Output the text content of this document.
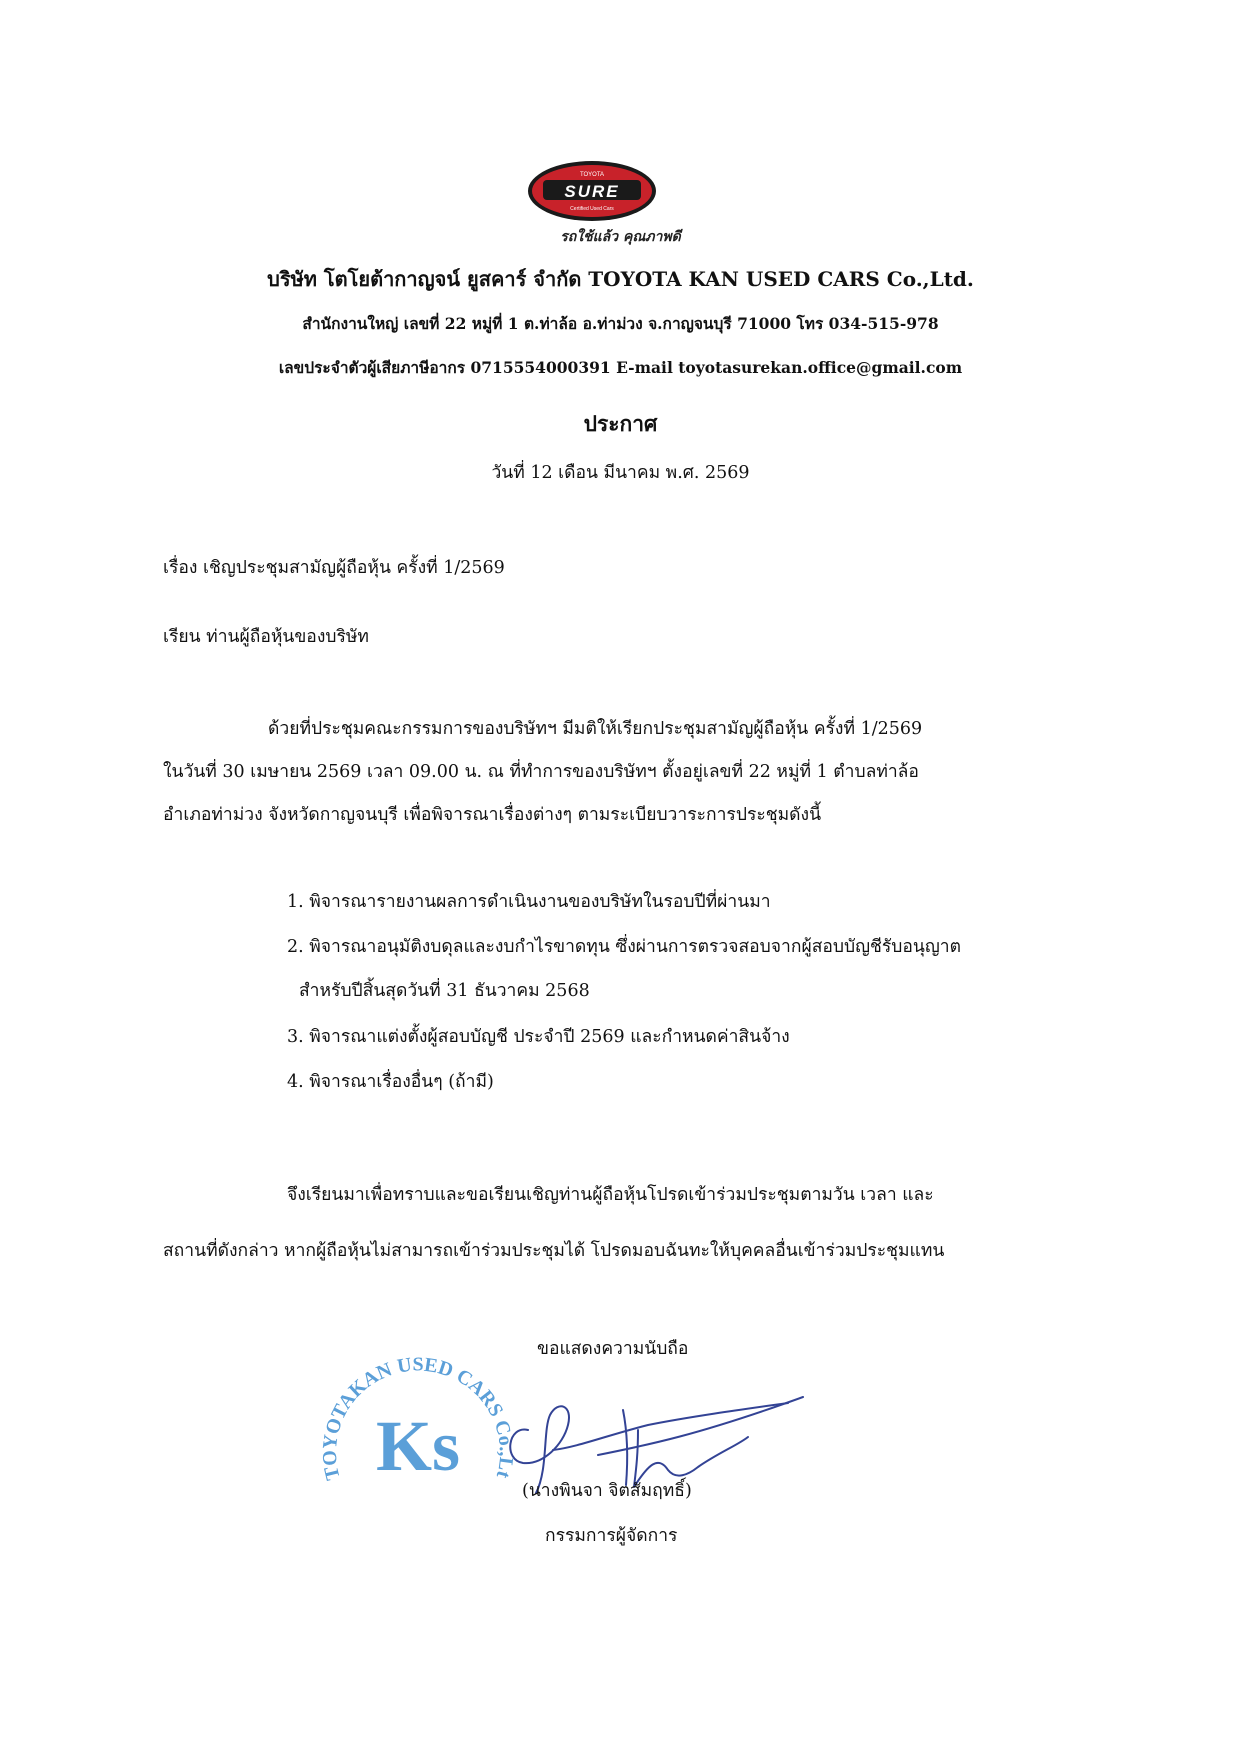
TOYOTA
SURE
Certified Used Cars
รถใช้แล้ว คุณภาพดี
บริษัท โตโยต้ากาญจน์ ยูสคาร์ จำกัด TOYOTA KAN USED CARS Co.,Ltd.
สำนักงานใหญ่ เลขที่ 22 หมู่ที่ 1 ต.ท่าล้อ อ.ท่าม่วง จ.กาญจนบุรี 71000 โทร 034-515-978
เลขประจำตัวผู้เสียภาษีอากร 0715554000391 E-mail toyotasurekan.office@gmail.com
ประกาศ
วันที่ 12 เดือน มีนาคม พ.ศ. 2569
เรื่อง เชิญประชุมสามัญผู้ถือหุ้น ครั้งที่ 1/2569
เรียน ท่านผู้ถือหุ้นของบริษัท
ด้วยที่ประชุมคณะกรรมการของบริษัทฯ มีมติให้เรียกประชุมสามัญผู้ถือหุ้น ครั้งที่ 1/2569
ในวันที่ 30 เมษายน 2569 เวลา 09.00 น. ณ ที่ทำการของบริษัทฯ ตั้งอยู่เลขที่ 22 หมู่ที่ 1 ตำบลท่าล้อ
อำเภอท่าม่วง จังหวัดกาญจนบุรี เพื่อพิจารณาเรื่องต่างๆ ตามระเบียบวาระการประชุมดังนี้
1. พิจารณารายงานผลการดำเนินงานของบริษัทในรอบปีที่ผ่านมา
2. พิจารณาอนุมัติงบดุลและงบกำไรขาดทุน ซึ่งผ่านการตรวจสอบจากผู้สอบบัญชีรับอนุญาต
สำหรับปีสิ้นสุดวันที่ 31 ธันวาคม 2568
3. พิจารณาแต่งตั้งผู้สอบบัญชี ประจำปี 2569 และกำหนดค่าสินจ้าง
4. พิจารณาเรื่องอื่นๆ (ถ้ามี)
จึงเรียนมาเพื่อทราบและขอเรียนเชิญท่านผู้ถือหุ้นโปรดเข้าร่วมประชุมตามวัน เวลา และ
สถานที่ดังกล่าว หากผู้ถือหุ้นไม่สามารถเข้าร่วมประชุมได้ โปรดมอบฉันทะให้บุคคลอื่นเข้าร่วมประชุมแทน
ขอแสดงความนับถือ
TOYOTAKAN USED CARS Co.,Lt
Ks
(นางพินจา จิตสัมฤทธิ์)
กรรมการผู้จัดการ
